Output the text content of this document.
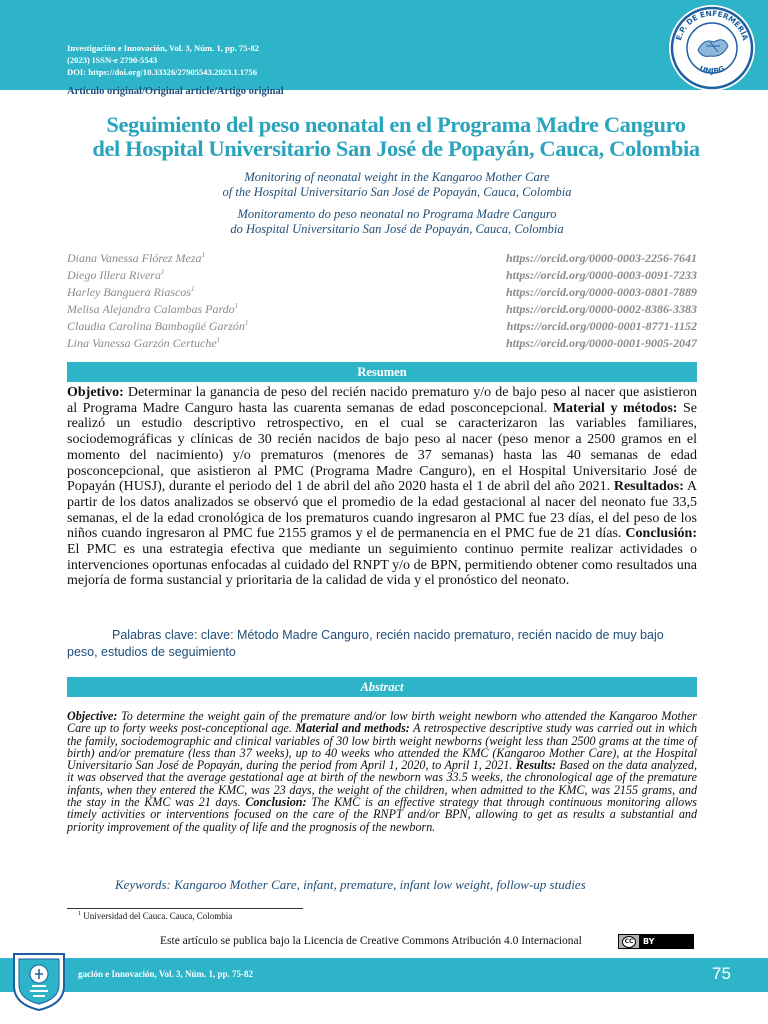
Investigación e Innovación, Vol. 3, Núm. 1, pp. 75-82
(2023) ISSN-e 2790-5543
DOI: https://doi.org/10.33326/27905543.2023.1.1756
E.P. DE ENFERMERÍA
UNJBG
Artículo original/Original article/Artigo original
Seguimiento del peso neonatal en el Programa Madre Canguro
del Hospital Universitario San José de Popayán, Cauca, Colombia
Monitoring of neonatal weight in the Kangaroo Mother Care
of the Hospital Universitario San José de Popayán, Cauca, Colombia
Monitoramento do peso neonatal no Programa Madre Canguro
do Hospital Universitario San José de Popayán, Cauca, Colombia
Diana Vanessa Flórez Meza$^1$	https://orcid.org/0000-0003-2256-7641
Diego Illera Rivera$^1$	https://orcid.org/0000-0003-0091-7233
Harley Banguera Riascos$^1$	https://orcid.org/0000-0003-0801-7889
Melisa Alejandra Calambas Pardo$^1$	https://orcid.org/0000-0002-8386-3383
Claudia Carolina Bambagüé Garzón$^1$	https://orcid.org/0000-0001-8771-1152
Lina Vanessa Garzón Certuche$^1$	https://orcid.org/0000-0001-9005-2047
Resumen
Objetivo: Determinar la ganancia de peso del recién nacido prematuro y/o de bajo peso al nacer que asistieron al Programa Madre Canguro hasta las cuarenta semanas de edad posconcepcional. Material y métodos: Se realizó un estudio descriptivo retrospectivo, en el cual se caracterizaron las variables familiares, sociodemográficas y clínicas de 30 recién nacidos de bajo peso al nacer (peso menor a 2500 gramos en el momento del nacimiento) y/o prematuros (menores de 37 semanas) hasta las 40 semanas de edad posconcepcional, que asistieron al PMC (Programa Madre Canguro), en el Hospital Universitario José de Popayán (HUSJ), durante el periodo del 1 de abril del año 2020 hasta el 1 de abril del año 2021. Resultados: A partir de los datos analizados se observó que el promedio de la edad gestacional al nacer del neonato fue 33,5 semanas, el de la edad cronológica de los prematuros cuando ingresaron al PMC fue 23 días, el del peso de los niños cuando ingresaron al PMC fue 2155 gramos y el de permanencia en el PMC fue de 21 días. Conclusión: El PMC es una estrategia efectiva que mediante un seguimiento continuo permite realizar actividades o intervenciones oportunas enfocadas al cuidado del RNPT y/o de BPN, permitiendo obtener como resultados una mejoría de forma sustancial y prioritaria de la calidad de vida y el pronóstico del neonato.
Palabras clave: clave: Método Madre Canguro, recién nacido prematuro, recién nacido de muy bajo peso, estudios de seguimiento
Abstract
Objective: To determine the weight gain of the premature and/or low birth weight newborn who attended the Kangaroo Mother Care up to forty weeks post-conceptional age. Material and methods: A retrospective descriptive study was carried out in which the family, sociodemographic and clinical variables of 30 low birth weight newborns (weight less than 2500 grams at the time of birth) and/or premature (less than 37 weeks), up to 40 weeks who attended the KMC (Kangaroo Mother Care), at the Hospital Universitario San José de Popayán, during the period from April 1, 2020, to April 1, 2021. Results: Based on the data analyzed, it was observed that the average gestational age at birth of the newborn was 33.5 weeks, the chronological age of the premature infants, when they entered the KMC, was 23 days, the weight of the children, when admitted to the KMC, was 2155 grams, and the stay in the KMC was 21 days. Conclusion: The KMC is an effective strategy that through continuous monitoring allows timely activities or interventions focused on the care of the RNPT and/or BPN, allowing to get as results a substantial and priority improvement of the quality of life and the prognosis of the newborn.
Keywords: Kangaroo Mother Care, infant, premature, infant low weight, follow-up studies
$^1$ Universidad del Cauca. Cauca, Colombia
Este artículo se publica bajo la Licencia de Creative Commons Atribución 4.0 Internacional	CC	BY
gación e Innovación, Vol. 3, Núm. 1, pp. 75-82	75
